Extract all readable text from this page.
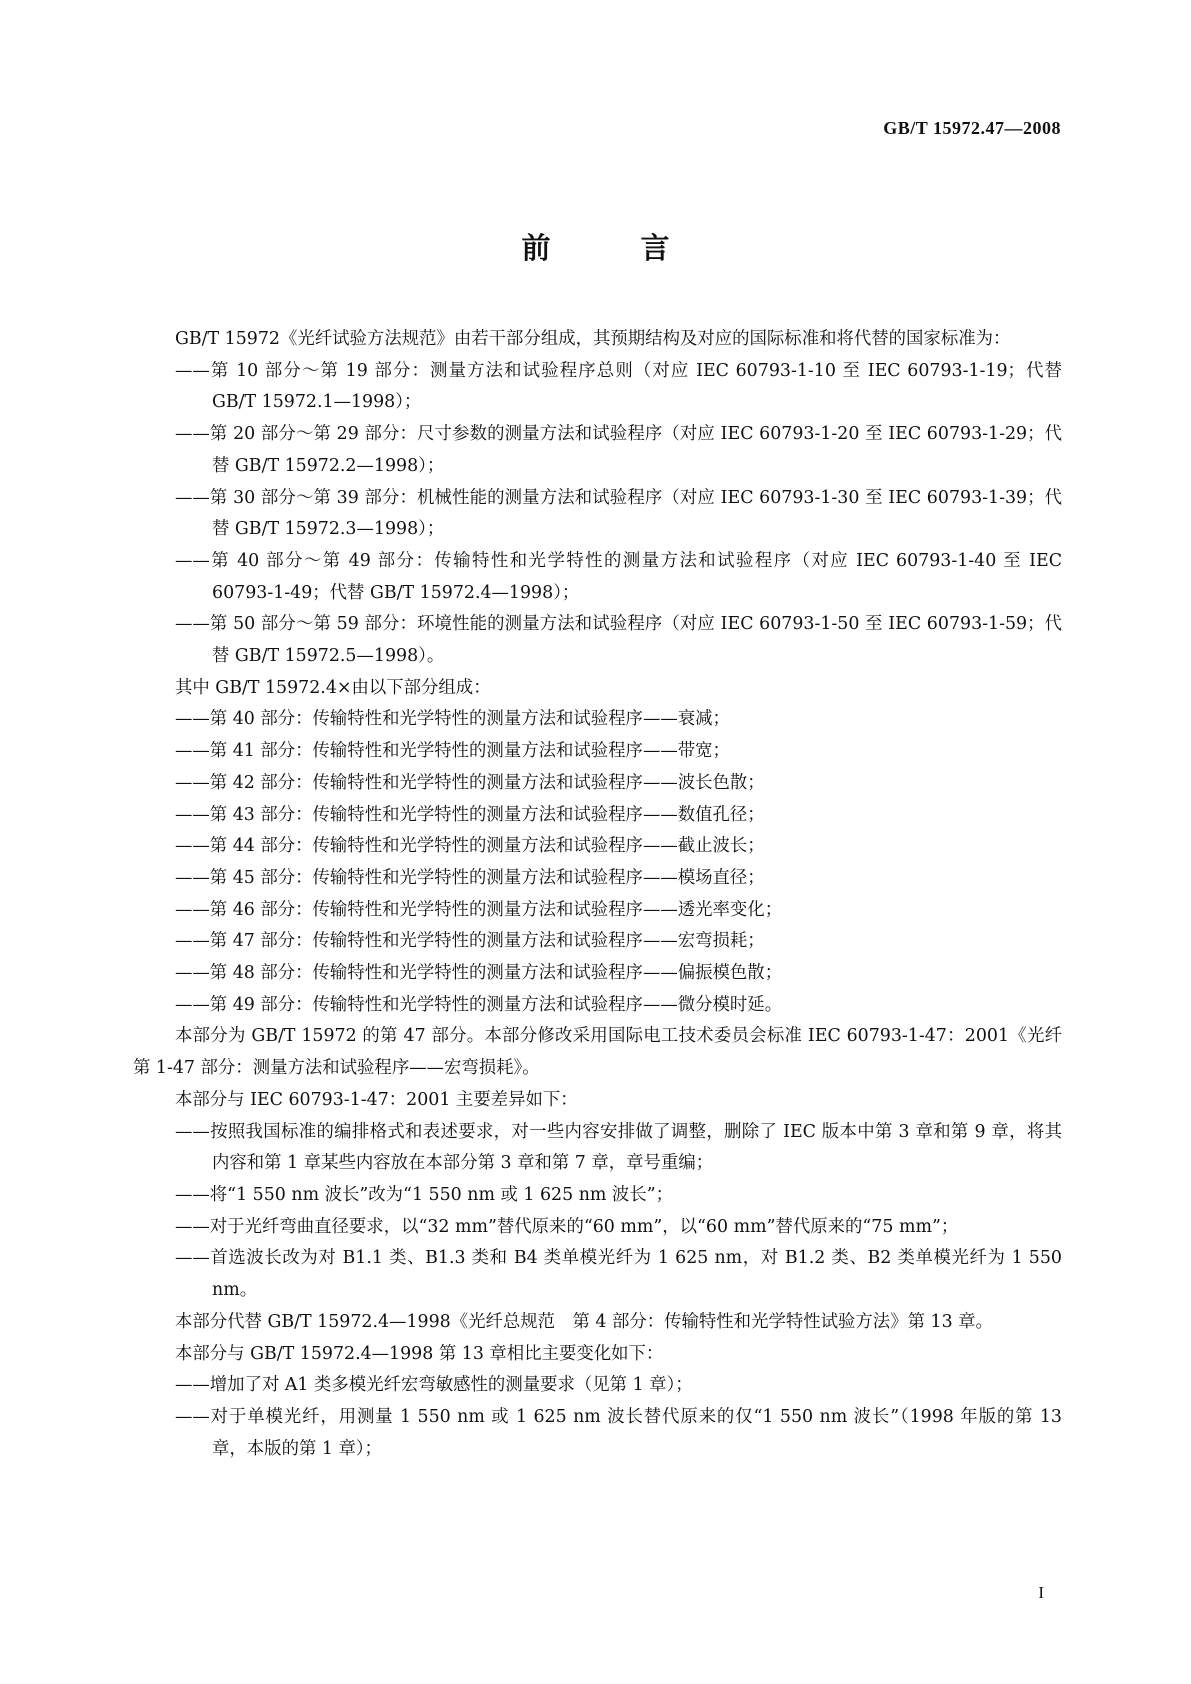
GB/T 15972.47—2008
前 言

GB/T 15972《光纤试验方法规范》由若干部分组成，其预期结构及对应的国际标准和将代替的国家标准为：

—— 第 10 部分～第 19 部分：测量方法和试验程序总则（对应 IEC 60793-1-10 至 IEC 60793-1-19；代替 GB/T 15972.1—1998）；

—— 第 20 部分～第 29 部分：尺寸参数的测量方法和试验程序（对应 IEC 60793-1-20 至 IEC 60793-1-29；代替 GB/T 15972.2—1998）；

—— 第 30 部分～第 39 部分：机械性能的测量方法和试验程序（对应 IEC 60793-1-30 至 IEC 60793-1-39；代替 GB/T 15972.3—1998）；

—— 第 40 部分～第 49 部分：传输特性和光学特性的测量方法和试验程序（对应 IEC 60793-1-40 至 IEC 60793-1-49；代替 GB/T 15972.4—1998）；

—— 第 50 部分～第 59 部分：环境性能的测量方法和试验程序（对应 IEC 60793-1-50 至 IEC 60793-1-59；代替 GB/T 15972.5—1998）。

其中 GB/T 15972.4×由以下部分组成：

—— 第 40 部分：传输特性和光学特性的测量方法和试验程序——衰减；

—— 第 41 部分：传输特性和光学特性的测量方法和试验程序——带宽；

—— 第 42 部分：传输特性和光学特性的测量方法和试验程序——波长色散；

—— 第 43 部分：传输特性和光学特性的测量方法和试验程序——数值孔径；

—— 第 44 部分：传输特性和光学特性的测量方法和试验程序——截止波长；

—— 第 45 部分：传输特性和光学特性的测量方法和试验程序——模场直径；

—— 第 46 部分：传输特性和光学特性的测量方法和试验程序——透光率变化；

—— 第 47 部分：传输特性和光学特性的测量方法和试验程序——宏弯损耗；

—— 第 48 部分：传输特性和光学特性的测量方法和试验程序——偏振模色散；

—— 第 49 部分：传输特性和光学特性的测量方法和试验程序——微分模时延。

本部分为 GB/T 15972 的第 47 部分。本部分修改采用国际电工技术委员会标准 IEC 60793-1-47：2001《光纤　第 1-47 部分：测量方法和试验程序——宏弯损耗》。

本部分与 IEC 60793-1-47：2001 主要差异如下：

—— 按照我国标准的编排格式和表述要求，对一些内容安排做了调整，删除了 IEC 版本中第 3 章和第 9 章，将其内容和第 1 章某些内容放在本部分第 3 章和第 7 章，章号重编；

—— 将“1 550 nm 波长”改为“1 550 nm 或 1 625 nm 波长”；

—— 对于光纤弯曲直径要求，以“32 mm”替代原来的“60 mm”，以“60 mm”替代原来的“75 mm”；

—— 首选波长改为对 B1.1 类、B1.3 类和 B4 类单模光纤为 1 625 nm，对 B1.2 类、B2 类单模光纤为 1 550 nm。

本部分代替 GB/T 15972.4—1998《光纤总规范　第 4 部分：传输特性和光学特性试验方法》第 13 章。

本部分与 GB/T 15972.4—1998 第 13 章相比主要变化如下：

—— 增加了对 A1 类多模光纤宏弯敏感性的测量要求（见第 1 章）；

—— 对于单模光纤，用测量 1 550 nm 或 1 625 nm 波长替代原来的仅“1 550 nm 波长”（1998 年版的第 13 章，本版的第 1 章）；

I
